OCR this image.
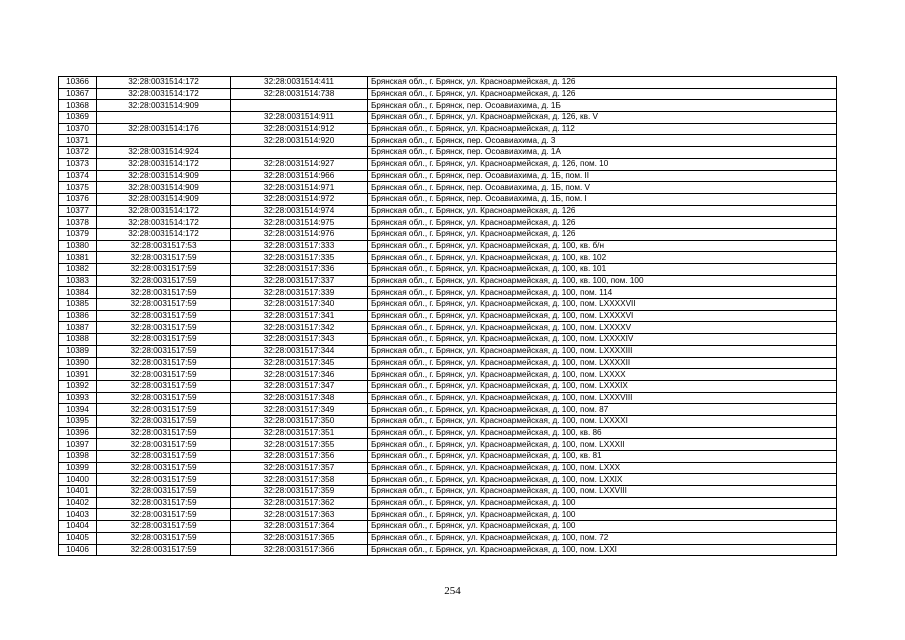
10366	32:28:0031514:172	32:28:0031514:411	Брянская обл., г. Брянск, ул. Красноармейская, д. 126
10367	32:28:0031514:172	32:28:0031514:738	Брянская обл., г. Брянск, ул. Красноармейская, д. 126
10368	32:28:0031514:909		Брянская обл., г. Брянск, пер. Осоавиахима, д. 1Б
10369		32:28:0031514:911	Брянская обл., г. Брянск, ул. Красноармейская, д. 126, кв. V
10370	32:28:0031514:176	32:28:0031514:912	Брянская обл., г. Брянск, ул. Красноармейская, д. 112
10371		32:28:0031514:920	Брянская обл., г. Брянск, пер. Осоавиахима, д. 3
10372	32:28:0031514:924		Брянская обл., г. Брянск, пер. Осоавиахима, д. 1А
10373	32:28:0031514:172	32:28:0031514:927	Брянская обл., г. Брянск, ул. Красноармейская, д. 126, пом. 10
10374	32:28:0031514:909	32:28:0031514:966	Брянская обл., г. Брянск, пер. Осоавиахима, д. 1Б, пом. II
10375	32:28:0031514:909	32:28:0031514:971	Брянская обл., г. Брянск, пер. Осоавиахима, д. 1Б, пом. V
10376	32:28:0031514:909	32:28:0031514:972	Брянская обл., г. Брянск, пер. Осоавиахима, д. 1Б, пом. I
10377	32:28:0031514:172	32:28:0031514:974	Брянская обл., г. Брянск, ул. Красноармейская, д. 126
10378	32:28:0031514:172	32:28:0031514:975	Брянская обл., г. Брянск, ул. Красноармейская, д. 126
10379	32:28:0031514:172	32:28:0031514:976	Брянская обл., г. Брянск, ул. Красноармейская, д. 126
10380	32:28:0031517:53	32:28:0031517:333	Брянская обл., г. Брянск, ул. Красноармейская, д. 100, кв. б/н
10381	32:28:0031517:59	32:28:0031517:335	Брянская обл., г. Брянск, ул. Красноармейская, д. 100, кв. 102
10382	32:28:0031517:59	32:28:0031517:336	Брянская обл., г. Брянск, ул. Красноармейская, д. 100, кв. 101
10383	32:28:0031517:59	32:28:0031517:337	Брянская обл., г. Брянск, ул. Красноармейская, д. 100, кв. 100, пом. 100
10384	32:28:0031517:59	32:28:0031517:339	Брянская обл., г. Брянск, ул. Красноармейская, д. 100, пом. 114
10385	32:28:0031517:59	32:28:0031517:340	Брянская обл., г. Брянск, ул. Красноармейская, д. 100, пом. LXXXXVII
10386	32:28:0031517:59	32:28:0031517:341	Брянская обл., г. Брянск, ул. Красноармейская, д. 100, пом. LXXXXVI
10387	32:28:0031517:59	32:28:0031517:342	Брянская обл., г. Брянск, ул. Красноармейская, д. 100, пом. LXXXXV
10388	32:28:0031517:59	32:28:0031517:343	Брянская обл., г. Брянск, ул. Красноармейская, д. 100, пом. LXXXXIV
10389	32:28:0031517:59	32:28:0031517:344	Брянская обл., г. Брянск, ул. Красноармейская, д. 100, пом. LXXXXIII
10390	32:28:0031517:59	32:28:0031517:345	Брянская обл., г. Брянск, ул. Красноармейская, д. 100, пом. LXXXXII
10391	32:28:0031517:59	32:28:0031517:346	Брянская обл., г. Брянск, ул. Красноармейская, д. 100, пом. LXXXX
10392	32:28:0031517:59	32:28:0031517:347	Брянская обл., г. Брянск, ул. Красноармейская, д. 100, пом. LXXXIX
10393	32:28:0031517:59	32:28:0031517:348	Брянская обл., г. Брянск, ул. Красноармейская, д. 100, пом. LXXXVIII
10394	32:28:0031517:59	32:28:0031517:349	Брянская обл., г. Брянск, ул. Красноармейская, д. 100, пом. 87
10395	32:28:0031517:59	32:28:0031517:350	Брянская обл., г. Брянск, ул. Красноармейская, д. 100, пом. LXXXXI
10396	32:28:0031517:59	32:28:0031517:351	Брянская обл., г. Брянск, ул. Красноармейская, д. 100, кв. 86
10397	32:28:0031517:59	32:28:0031517:355	Брянская обл., г. Брянск, ул. Красноармейская, д. 100, пом. LXXXII
10398	32:28:0031517:59	32:28:0031517:356	Брянская обл., г. Брянск, ул. Красноармейская, д. 100, кв. 81
10399	32:28:0031517:59	32:28:0031517:357	Брянская обл., г. Брянск, ул. Красноармейская, д. 100, пом. LXXX
10400	32:28:0031517:59	32:28:0031517:358	Брянская обл., г. Брянск, ул. Красноармейская, д. 100, пом. LXXIX
10401	32:28:0031517:59	32:28:0031517:359	Брянская обл., г. Брянск, ул. Красноармейская, д. 100, пом. LXXVIII
10402	32:28:0031517:59	32:28:0031517:362	Брянская обл., г. Брянск, ул. Красноармейская, д. 100
10403	32:28:0031517:59	32:28:0031517:363	Брянская обл., г. Брянск, ул. Красноармейская, д. 100
10404	32:28:0031517:59	32:28:0031517:364	Брянская обл., г. Брянск, ул. Красноармейская, д. 100
10405	32:28:0031517:59	32:28:0031517:365	Брянская обл., г. Брянск, ул. Красноармейская, д. 100, пом. 72
10406	32:28:0031517:59	32:28:0031517:366	Брянская обл., г. Брянск, ул. Красноармейская, д. 100, пом. LXXI
254
